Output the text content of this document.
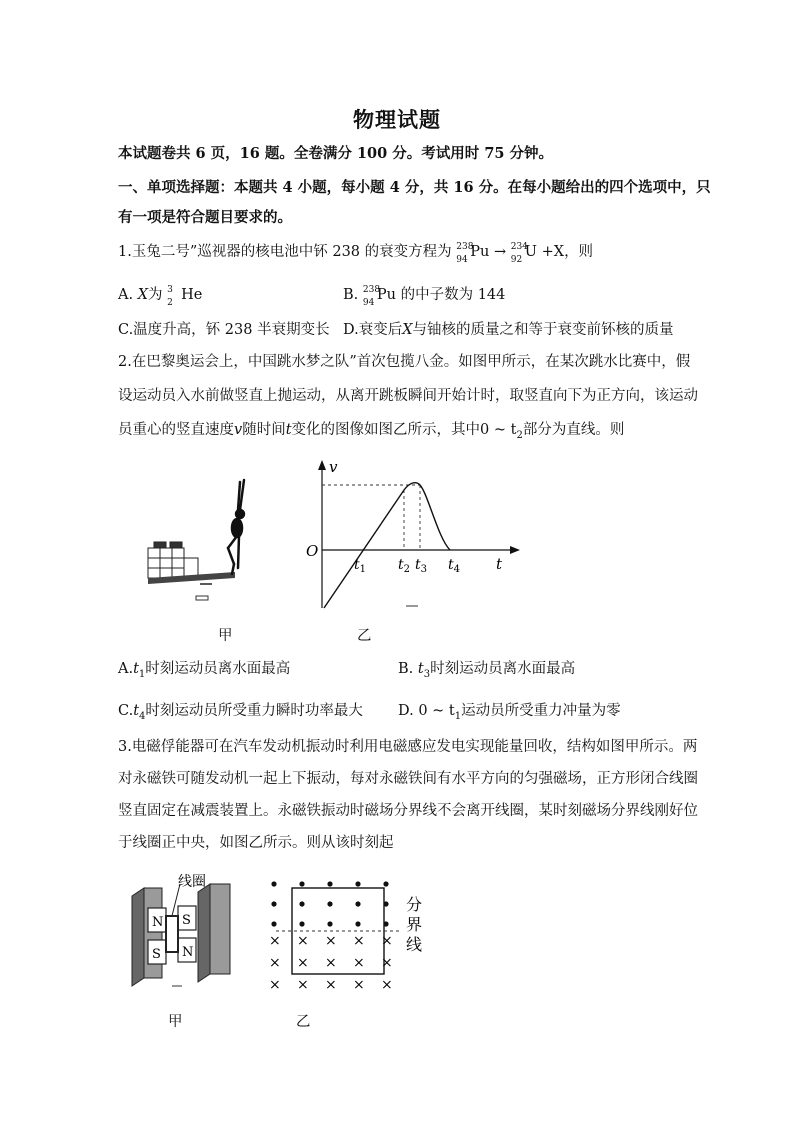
物理试题
本试题卷共 6 页，16 题。全卷满分 100 分。考试用时 75 分钟。
一、单项选择题：本题共 4 小题，每小题 4 分，共 16 分。在每小题给出的四个选项中，只
有一项是符合题目要求的。
1.玉兔二号”巡视器的核电池中钚 238 的衰变方程为 238
94 Pu → 234
92 U +X，则
A. X为 3
2 He	B. 238
94 Pu 的中子数为 144
C.温度升高，钚 238 半衰期变长 D.衰变后X与铀核的质量之和等于衰变前钚核的质量
2.在巴黎奥运会上，中国跳水梦之队”首次包揽八金。如图甲所示，在某次跳水比赛中，假
设运动员入水前做竖直上抛运动，从离开跳板瞬间开始计时，取竖直向下为正方向，该运动
员重心的竖直速度v随时间t变化的图像如图乙所示，其中0 ~ $t_2$部分为直线。则
甲
v
t
O
$t_1$ $t_2$ $t_3$ $t_4$
乙
$A.t_1$时刻运动员离水面最高	B. $t_3$时刻运动员离水面最高
$C.t_4$时刻运动员所受重力瞬时功率最大 D. 0 ~ $t_1$运动员所受重力冲量为零
3.电磁俘能器可在汽车发动机振动时利用电磁感应发电实现能量回收，结构如图甲所示。两
对永磁铁可随发动机一起上下振动，每对永磁铁间有水平方向的匀强磁场，正方形闭合线圈
竖直固定在减震装置上。永磁铁振动时磁场分界线不会离开线圈，某时刻磁场分界线刚好位
于线圈正中央，如图乙所示。则从该时刻起
线圈
N
S
S
N
甲
× × × × ×
× × × × ×
× × × × ×
分
界
线
乙
